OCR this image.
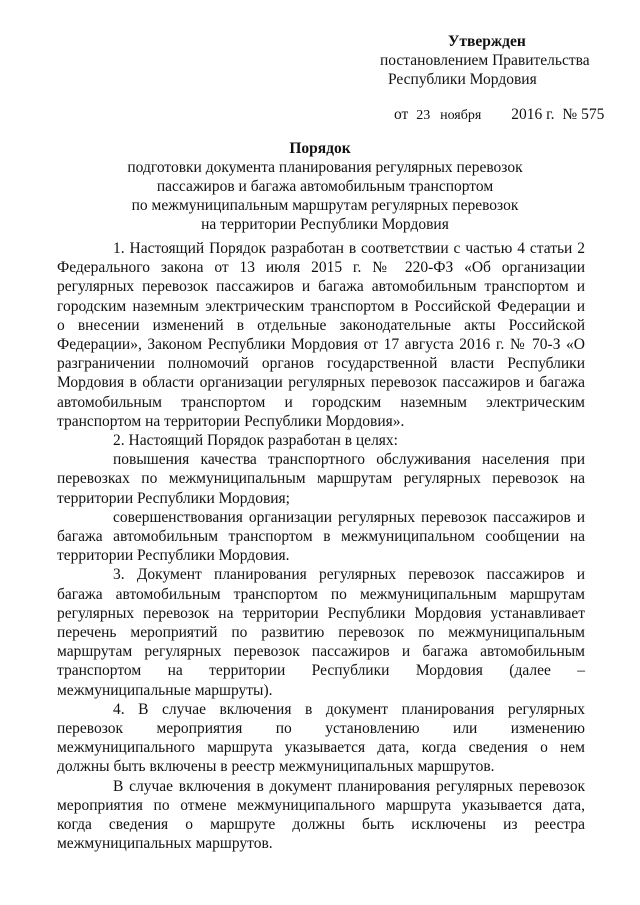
Утвержден
постановлением Правительства
Республики Мордовия
от 23 ноября 2016 г. № 575
Порядок
подготовки документа планирования регулярных перевозок
пассажиров и багажа автомобильным транспортом
по межмуниципальным маршрутам регулярных перевозок
на территории Республики Мордовия

1. Настоящий Порядок разработан в соответствии с частью 4 статьи 2

Федерального закона от 13 июля 2015 г. № 220-ФЗ «Об организации

регулярных перевозок пассажиров и багажа автомобильным транспортом и

городским наземным электрическим транспортом в Российской Федерации и

о внесении изменений в отдельные законодательные акты Российской

Федерации», Законом Республики Мордовия от 17 августа 2016 г. № 70-З «О

разграничении полномочий органов государственной власти Республики

Мордовия в области организации регулярных перевозок пассажиров и багажа

автомобильным транспортом и городским наземным электрическим

транспортом на территории Республики Мордовия».

2. Настоящий Порядок разработан в целях:

повышения качества транспортного обслуживания населения при

перевозках по межмуниципальным маршрутам регулярных перевозок на

территории Республики Мордовия;

совершенствования организации регулярных перевозок пассажиров и

багажа автомобильным транспортом в межмуниципальном сообщении на

территории Республики Мордовия.

3. Документ планирования регулярных перевозок пассажиров и

багажа автомобильным транспортом по межмуниципальным маршрутам

регулярных перевозок на территории Республики Мордовия устанавливает

перечень мероприятий по развитию перевозок по межмуниципальным

маршрутам регулярных перевозок пассажиров и багажа автомобильным

транспортом на территории Республики Мордовия (далее –

межмуниципальные маршруты).

4. В случае включения в документ планирования регулярных

перевозок мероприятия по установлению или изменению

межмуниципального маршрута указывается дата, когда сведения о нем

должны быть включены в реестр межмуниципальных маршрутов.

В случае включения в документ планирования регулярных перевозок

мероприятия по отмене межмуниципального маршрута указывается дата,

когда сведения о маршруте должны быть исключены из реестра

межмуниципальных маршрутов.
